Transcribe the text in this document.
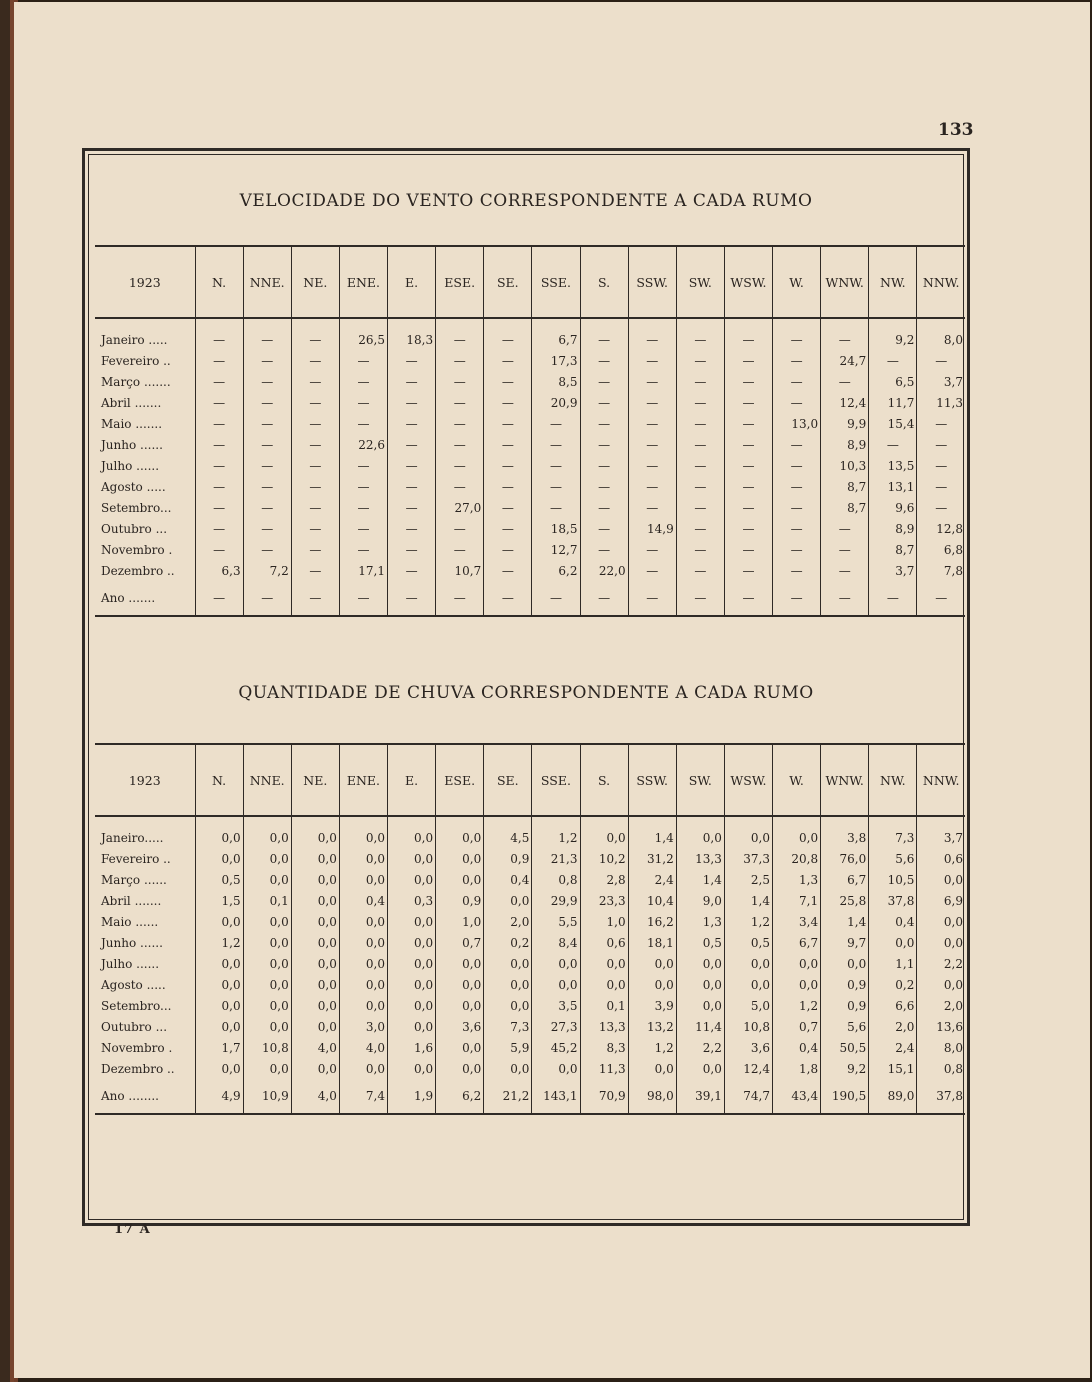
133
VELOCIDADE DO VENTO CORRESPONDENTE A CADA RUMO
1923	N.	NNE.	NE.	ENE.	E.	ESE.	SE.	SSE.	S.	SSW.	SW.	WSW.	W.	WNW.	NW.	NNW.

Janeiro .....	—	—	—	26,5	18,3	—	—	6,7	—	—	—	—	—	—	9,2	8,0
Fevereiro ..	—	—	—	—	—	—	—	17,3	—	—	—	—	—	24,7	—	—
Março .......	—	—	—	—	—	—	—	8,5	—	—	—	—	—	—	6,5	3,7
Abril .......	—	—	—	—	—	—	—	20,9	—	—	—	—	—	12,4	11,7	11,3
Maio .......	—	—	—	—	—	—	—	—	—	—	—	—	13,0	9,9	15,4	—
Junho ......	—	—	—	22,6	—	—	—	—	—	—	—	—	—	8,9	—	—
Julho ......	—	—	—	—	—	—	—	—	—	—	—	—	—	10,3	13,5	—
Agosto .....	—	—	—	—	—	—	—	—	—	—	—	—	—	8,7	13,1	—
Setembro...	—	—	—	—	—	27,0	—	—	—	—	—	—	—	8,7	9,6	—
Outubro ...	—	—	—	—	—	—	—	18,5	—	14,9	—	—	—	—	8,9	12,8
Novembro .	—	—	—	—	—	—	—	12,7	—	—	—	—	—	—	8,7	6,8
Dezembro ..	6,3	7,2	—	17,1	—	10,7	—	6,2	22,0	—	—	—	—	—	3,7	7,8
Ano .......	—	—	—	—	—	—	—	—	—	—	—	—	—	—	—	—
QUANTIDADE DE CHUVA CORRESPONDENTE A CADA RUMO
1923	N.	NNE.	NE.	ENE.	E.	ESE.	SE.	SSE.	S.	SSW.	SW.	WSW.	W.	WNW.	NW.	NNW.

Janeiro.....	0,0	0,0	0,0	0,0	0,0	0,0	4,5	1,2	0,0	1,4	0,0	0,0	0,0	3,8	7,3	3,7
Fevereiro ..	0,0	0,0	0,0	0,0	0,0	0,0	0,9	21,3	10,2	31,2	13,3	37,3	20,8	76,0	5,6	0,6
Março ......	0,5	0,0	0,0	0,0	0,0	0,0	0,4	0,8	2,8	2,4	1,4	2,5	1,3	6,7	10,5	0,0
Abril .......	1,5	0,1	0,0	0,4	0,3	0,9	0,0	29,9	23,3	10,4	9,0	1,4	7,1	25,8	37,8	6,9
Maio ......	0,0	0,0	0,0	0,0	0,0	1,0	2,0	5,5	1,0	16,2	1,3	1,2	3,4	1,4	0,4	0,0
Junho ......	1,2	0,0	0,0	0,0	0,0	0,7	0,2	8,4	0,6	18,1	0,5	0,5	6,7	9,7	0,0	0,0
Julho ......	0,0	0,0	0,0	0,0	0,0	0,0	0,0	0,0	0,0	0,0	0,0	0,0	0,0	0,0	1,1	2,2
Agosto .....	0,0	0,0	0,0	0,0	0,0	0,0	0,0	0,0	0,0	0,0	0,0	0,0	0,0	0,9	0,2	0,0
Setembro...	0,0	0,0	0,0	0,0	0,0	0,0	0,0	3,5	0,1	3,9	0,0	5,0	1,2	0,9	6,6	2,0
Outubro ...	0,0	0,0	0,0	3,0	0,0	3,6	7,3	27,3	13,3	13,2	11,4	10,8	0,7	5,6	2,0	13,6
Novembro .	1,7	10,8	4,0	4,0	1,6	0,0	5,9	45,2	8,3	1,2	2,2	3,6	0,4	50,5	2,4	8,0
Dezembro ..	0,0	0,0	0,0	0,0	0,0	0,0	0,0	0,0	11,3	0,0	0,0	12,4	1,8	9,2	15,1	0,8
Ano ........	4,9	10,9	4,0	7,4	1,9	6,2	21,2	143,1	70,9	98,0	39,1	74,7	43,4	190,5	89,0	37,8
17 A
